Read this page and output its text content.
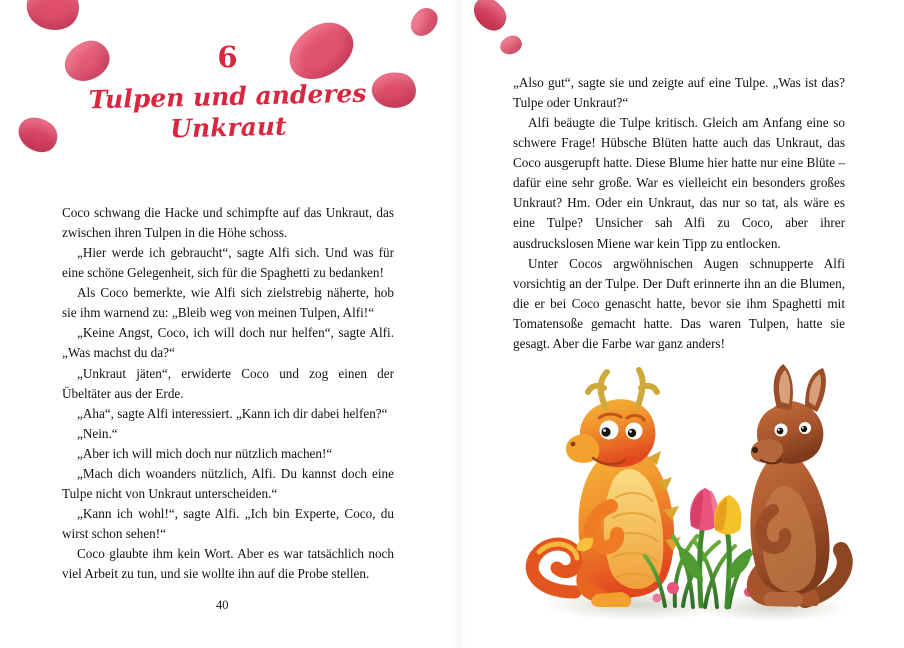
6
Tulpen und anderes
Unkraut

Coco schwang die Hacke und schimpfte auf das Unkraut, das zwischen ihren Tulpen in die Höhe schoss.

„Hier werde ich gebraucht“, sagte Alfi sich. Und was für eine schöne Gelegenheit, sich für die Spaghetti zu bedanken!

Als Coco bemerkte, wie Alfi sich zielstrebig näherte, hob sie ihm warnend zu: „Bleib weg von meinen Tulpen, Alfi!“

„Keine Angst, Coco, ich will doch nur helfen“, sagte Alfi. „Was machst du da?“

„Unkraut jäten“, erwiderte Coco und zog einen der Übeltäter aus der Erde.

„Aha“, sagte Alfi interessiert. „Kann ich dir dabei helfen?“

„Nein.“

„Aber ich will mich doch nur nützlich machen!“

„Mach dich woanders nützlich, Alfi. Du kannst doch eine Tulpe nicht von Unkraut unterscheiden.“

„Kann ich wohl!“, sagte Alfi. „Ich bin Experte, Coco, du wirst schon sehen!“

Coco glaubte ihm kein Wort. Aber es war tatsächlich noch viel Arbeit zu tun, und sie wollte ihn auf die Probe stellen.

40

„Also gut“, sagte sie und zeigte auf eine Tulpe. „Was ist das? Tulpe oder Unkraut?“

Alfi beäugte die Tulpe kritisch. Gleich am Anfang eine so schwere Frage! Hübsche Blüten hatte auch das Unkraut, das Coco ausgerupft hatte. Diese Blume hier hatte nur eine Blüte – dafür eine sehr große. War es vielleicht ein besonders großes Unkraut? Hm. Oder ein Unkraut, das nur so tat, als wäre es eine Tulpe? Unsicher sah Alfi zu Coco, aber ihrer ausdruckslosen Miene war kein Tipp zu entlocken.

Unter Cocos argwöhnischen Augen schnupperte Alfi vorsichtig an der Tulpe. Der Duft erinnerte ihn an die Blumen, die er bei Coco genascht hatte, bevor sie ihm Spaghetti mit Tomatensoße gemacht hatte. Das waren Tulpen, hatte sie gesagt. Aber die Farbe war ganz anders!
